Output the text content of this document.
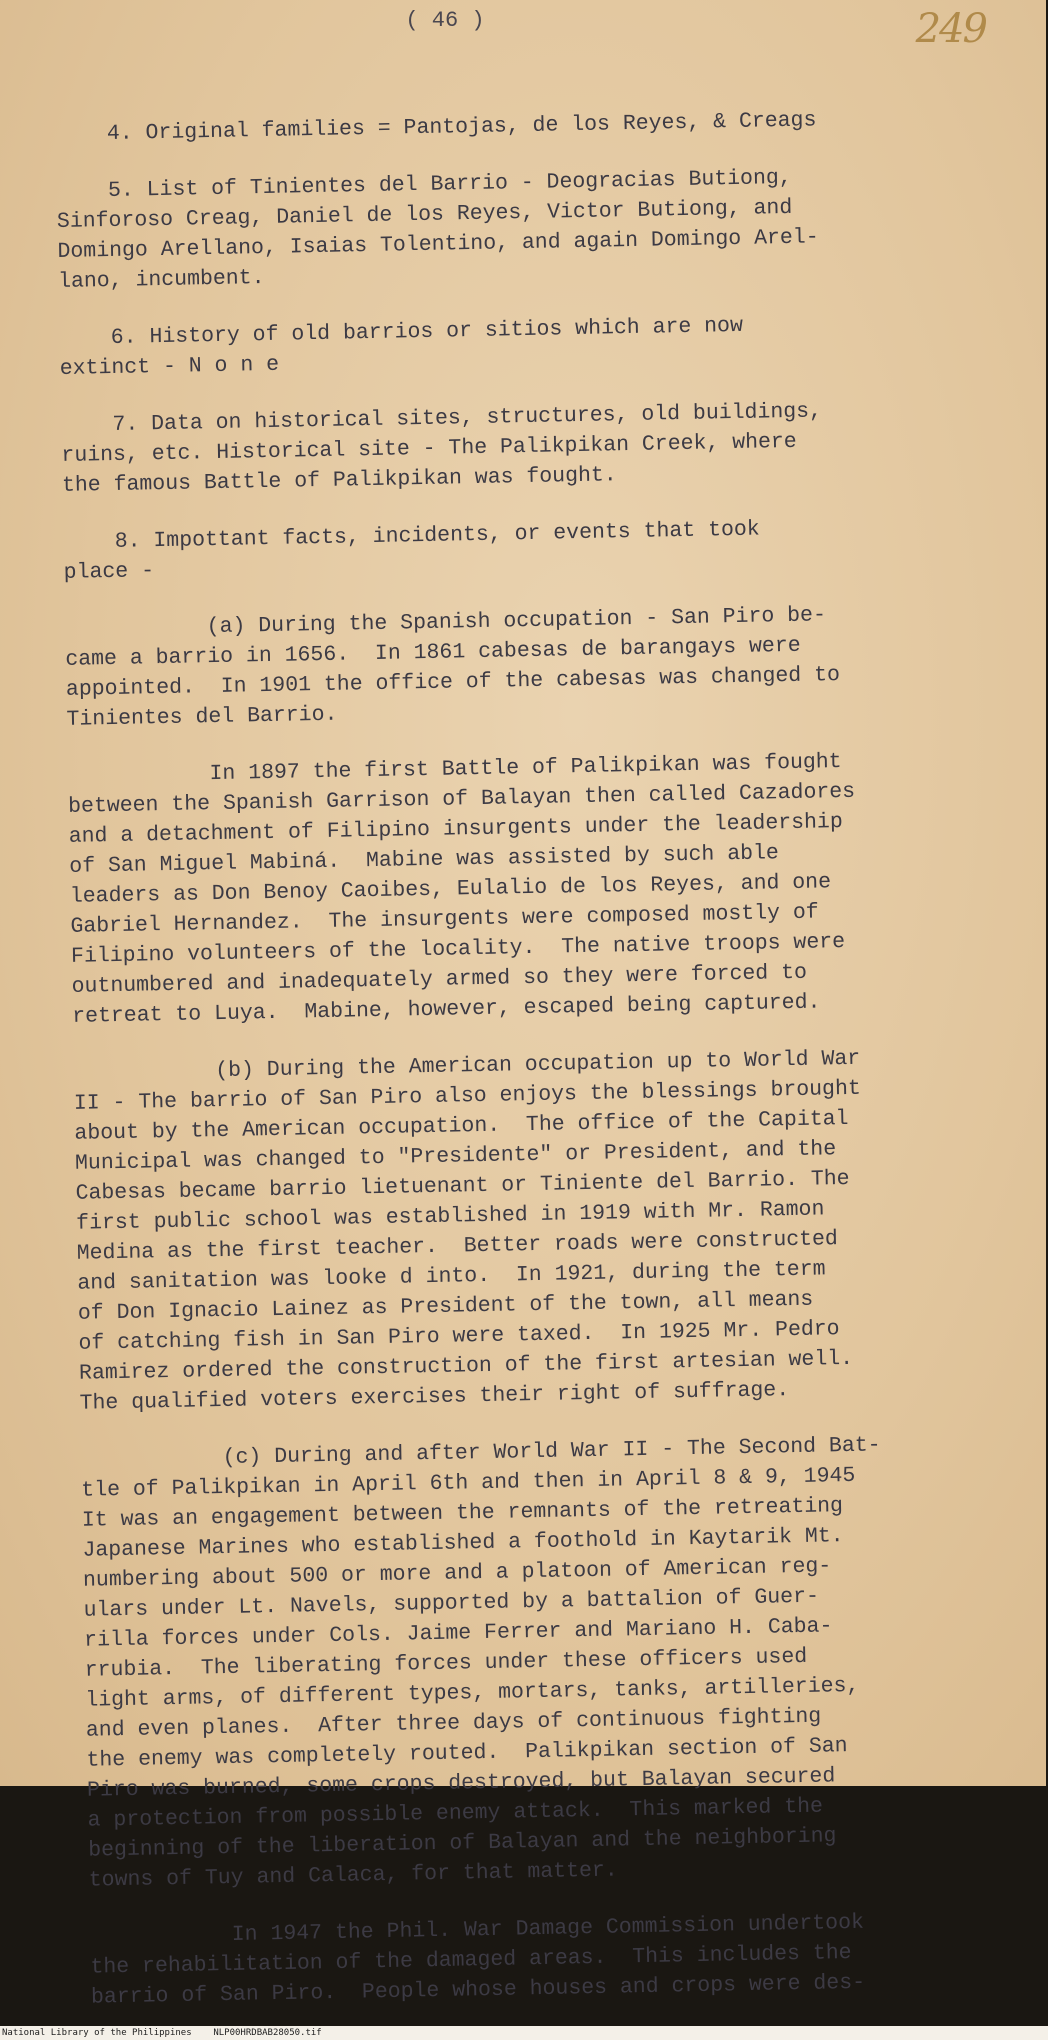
( 46 )	249

4. Original families = Pantojas, de los Reyes, & Creags

5. List of Tinientes del Barrio - Deogracias Butiong,
Sinforoso Creag, Daniel de los Reyes, Victor Butiong, and
Domingo Arellano, Isaias Tolentino, and again Domingo Arel-
lano, incumbent.

6. History of old barrios or sitios which are now
extinct - N o n e

7. Data on historical sites, structures, old buildings,
ruins, etc. Historical site - The Palikpikan Creek, where
the famous Battle of Palikpikan was fought.

8. Impottant facts, incidents, or events that took
place -

(a) During the Spanish occupation - San Piro be-
came a barrio in 1656.  In 1861 cabesas de barangays were
appointed.  In 1901 the office of the cabesas was changed to
Tinientes del Barrio.

In 1897 the first Battle of Palikpikan was fought
between the Spanish Garrison of Balayan then called Cazadores
and a detachment of Filipino insurgents under the leadership
of San Miguel Mabiná.  Mabine was assisted by such able
leaders as Don Benoy Caoibes, Eulalio de los Reyes, and one
Gabriel Hernandez.  The insurgents were composed mostly of
Filipino volunteers of the locality.  The native troops were
outnumbered and inadequately armed so they were forced to
retreat to Luya.  Mabine, however, escaped being captured.

(b) During the American occupation up to World War
II - The barrio of San Piro also enjoys the blessings brought
about by the American occupation.  The office of the Capital
Municipal was changed to "Presidente" or President, and the
Cabesas became barrio lietuenant or Tiniente del Barrio. The
first public school was established in 1919 with Mr. Ramon
Medina as the first teacher.  Better roads were constructed
and sanitation was looke d into.  In 1921, during the term
of Don Ignacio Lainez as President of the town, all means
of catching fish in San Piro were taxed.  In 1925 Mr. Pedro
Ramirez ordered the construction of the first artesian well.
The qualified voters exercises their right of suffrage.

(c) During and after World War II - The Second Bat-
tle of Palikpikan in April 6th and then in April 8 & 9, 1945
It was an engagement between the remnants of the retreating
Japanese Marines who established a foothold in Kaytarik Mt.
numbering about 500 or more and a platoon of American reg-
ulars under Lt. Navels, supported by a battalion of Guer-
rilla forces under Cols. Jaime Ferrer and Mariano H. Caba-
rrubia.  The liberating forces under these officers used
light arms, of different types, mortars, tanks, artilleries,
and even planes.  After three days of continuous fighting
the enemy was completely routed.  Palikpikan section of San
Piro was burned, some crops destroyed, but Balayan secured
a protection from possible enemy attack.  This marked the
beginning of the liberation of Balayan and the neighboring
towns of Tuy and Calaca, for that matter.

In 1947 the Phil. War Damage Commission undertook
the rehabilitation of the damaged areas.  This includes the
barrio of San Piro.  People whose houses and crops were des-

National Library of the Philippines NLP00HRDBAB28050.tif
